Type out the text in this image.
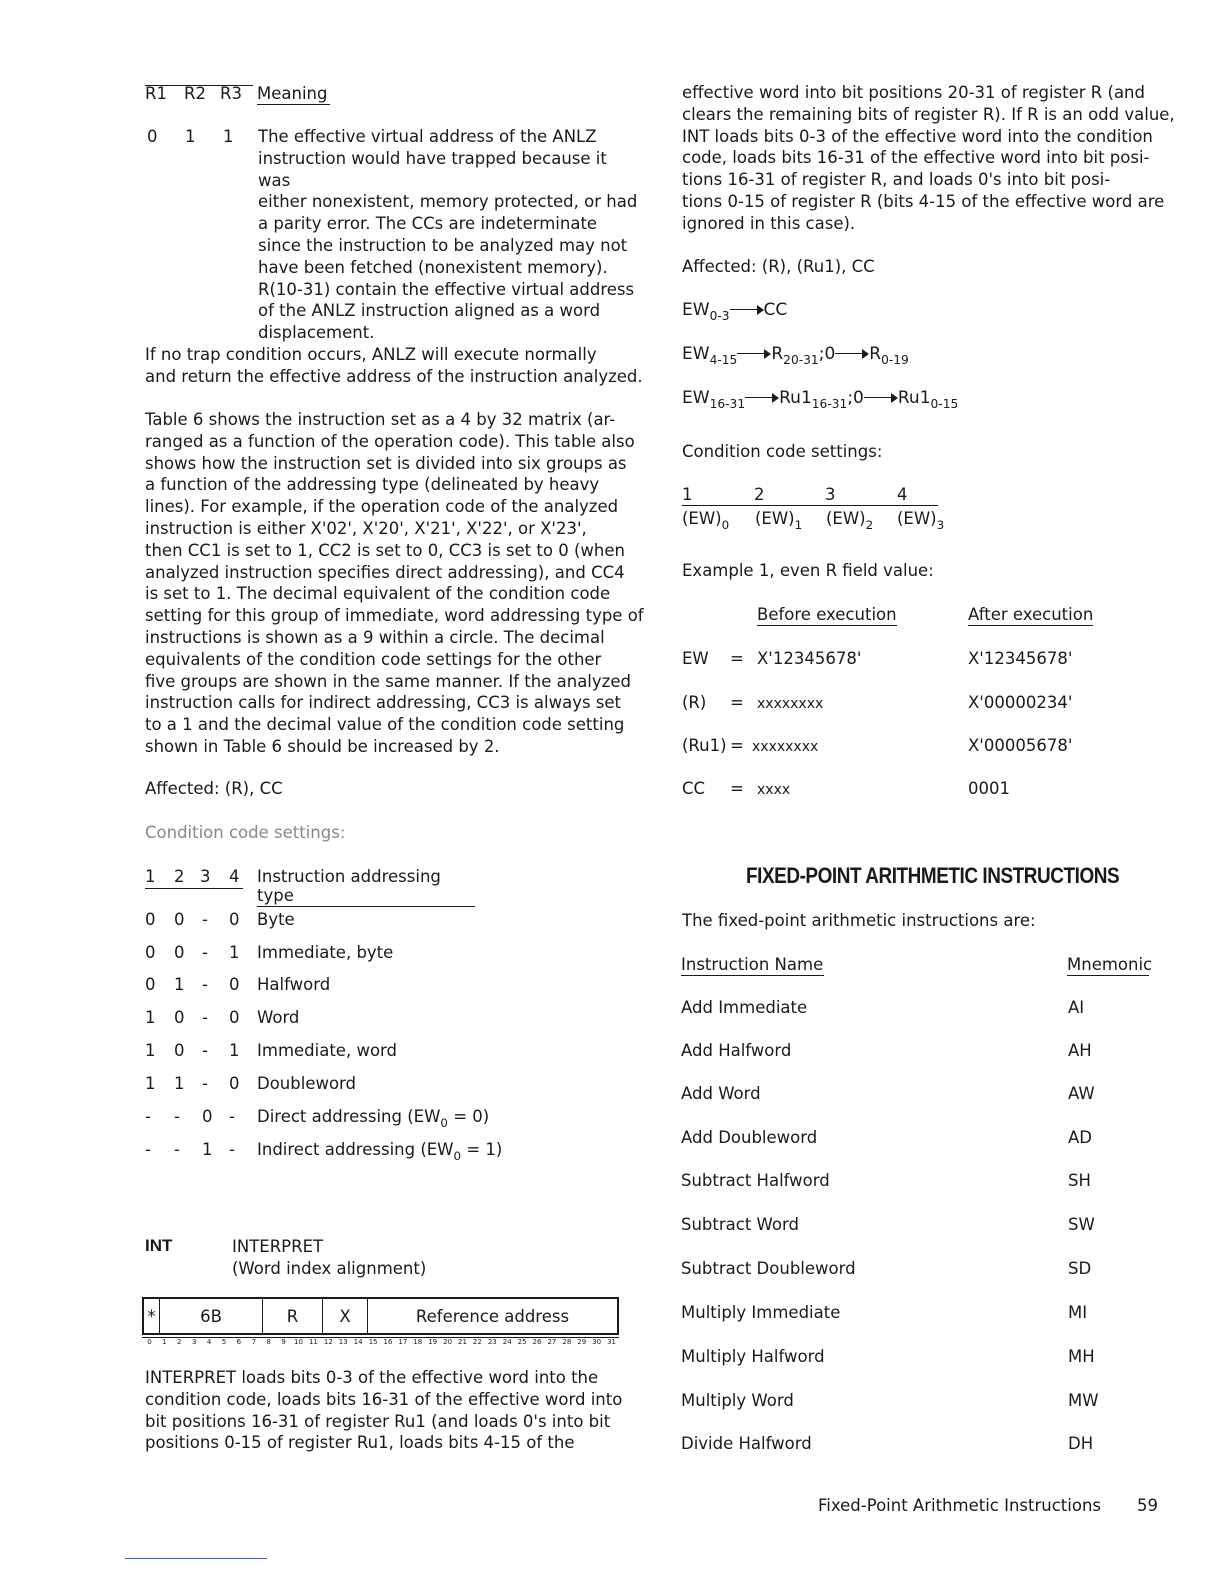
R1 R2 R3 Meaning
0 1 1 The effective virtual address of the ANLZ
instruction would have trapped because it was
either nonexistent, memory protected, or had
a parity error. The CCs are indeterminate
since the instruction to be analyzed may not
have been fetched (nonexistent memory).
R(10-31) contain the effective virtual address
of the ANLZ instruction aligned as a word
displacement.
If no trap condition occurs, ANLZ will execute normally
and return the effective address of the instruction analyzed.
Table 6 shows the instruction set as a 4 by 32 matrix (ar-
ranged as a function of the operation code). This table also
shows how the instruction set is divided into six groups as
a function of the addressing type (delineated by heavy
lines). For example, if the operation code of the analyzed
instruction is either X'02', X'20', X'21', X'22', or X'23',
then CC1 is set to 1, CC2 is set to 0, CC3 is set to 0 (when
analyzed instruction specifies direct addressing), and CC4
is set to 1. The decimal equivalent of the condition code
setting for this group of immediate, word addressing type of
instructions is shown as a 9 within a circle. The decimal
equivalents of the condition code settings for the other
five groups are shown in the same manner. If the analyzed
instruction calls for indirect addressing, CC3 is always set
to a 1 and the decimal value of the condition code setting
shown in Table 6 should be increased by 2.
Affected: (R), CC
Condition code settings:
1 2 3 4 Instruction addressing type
0 0 - 0 Byte
0 0 - 1 Immediate, byte
0 1 - 0 Halfword
1 0 - 0 Word
1 0 - 1 Immediate, word
1 1 - 0 Doubleword
- - 0 - Direct addressing $(EW_0 = 0)$
- - 1 - Indirect addressing $(EW_0 = 1)$
INT	INTERPRET
(Word index alignment)
*	6B	R	X	Reference address
0	1	2	3	4	5	6	7	8	9	10 11 12 13 14 15 16 17 18 19 20 21 22 23 24 25 26 27 28 29 30 31
INTERPRET loads bits 0-3 of the effective word into the
condition code, loads bits 16-31 of the effective word into
bit positions 16-31 of register Ru1 (and loads 0's into bit
positions 0-15 of register Ru1, loads bits 4-15 of the
effective word into bit positions 20-31 of register R (and
clears the remaining bits of register R). If R is an odd value,
INT loads bits 0-3 of the effective word into the condition
code, loads bits 16-31 of the effective word into bit posi-
tions 16-31 of register R, and loads 0's into bit posi-
tions 0-15 of register R (bits 4-15 of the effective word are
ignored in this case).
Affected: (R), (Ru1), CC
$EW_{0-3}$ CC
$EW_{4-15}$ $R_{20-31};0$ $R_{0-19}$
$EW_{16-31}$ $Ru1_{16-31};0$ $Ru1_{0-15}$
Condition code settings:
1	2	3	4
$(EW)_0$ $(EW)_1$ $(EW)_2$ $(EW)_3$
Example 1, even R field value:
Before execution	After execution
EW = X'12345678'	X'12345678'
(R) = xxxxxxxx	X'00000234'
(Ru1) = xxxxxxxx	X'00005678'
CC = xxxx	0001
FIXED-POINT ARITHMETIC INSTRUCTIONS
The fixed-point arithmetic instructions are:
Instruction Name	Mnemonic
Add Immediate	AI
Add Halfword	AH
Add Word	AW
Add Doubleword	AD
Subtract Halfword	SH
Subtract Word	SW
Subtract Doubleword	SD
Multiply Immediate	MI
Multiply Halfword	MH
Multiply Word	MW
Divide Halfword	DH
Fixed-Point Arithmetic Instructions 59
